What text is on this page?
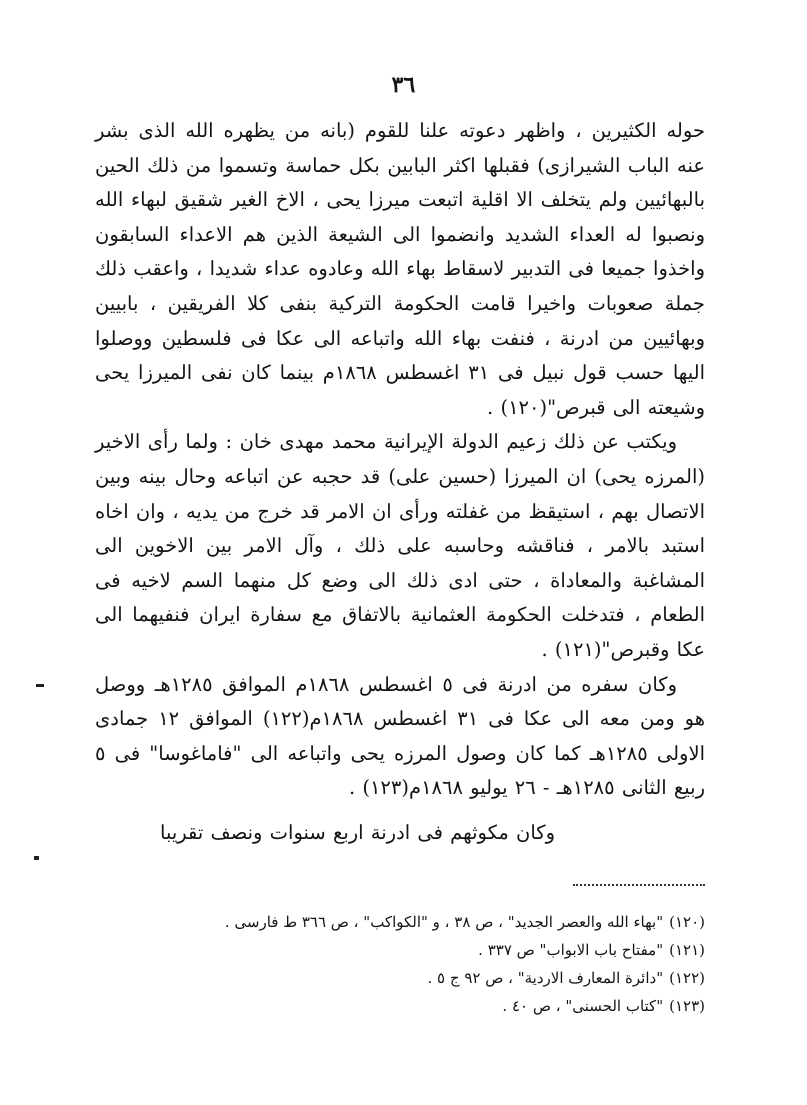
٣٦

حوله الكثيرين ، واظهر دعوته علنا للقوم (بانه من يظهره الله الذى بشر عنه الباب الشيرازى) فقبلها اكثر البابين بكل حماسة وتسموا من ذلك الحين بالبهائيين ولم يتخلف الا اقلية اتبعت ميرزا يحى ، الاخ الغير شقيق لبهاء الله ونصبوا له العداء الشديد وانضموا الى الشيعة الذين هم الاعداء السابقون واخذوا جميعا فى التدبير لاسقاط بهاء الله وعادوه عداء شديدا ، واعقب ذلك جملة صعوبات واخيرا قامت الحكومة التركية بنفى كلا الفريقين ، بابيين وبهائيين من ادرنة ، فنفت بهاء الله واتباعه الى عكا فى فلسطين ووصلوا اليها حسب قول نبيل فى ٣١ اغسطس ١٨٦٨م بينما كان نفى الميرزا يحى وشيعته الى قبرص"(١٢٠) .

ويكتب عن ذلك زعيم الدولة الإيرانية محمد مهدى خان : ولما رأى الاخير (المرزه يحى) ان الميرزا (حسين على) قد حجبه عن اتباعه وحال بينه وبين الاتصال بهم ، استيقظ من غفلته ورأى ان الامر قد خرج من يديه ، وان اخاه استبد بالامر ، فناقشه وحاسبه على ذلك ، وآل الامر بين الاخوين الى المشاغبة والمعاداة ، حتى ادى ذلك الى وضع كل منهما السم لاخيه فى الطعام ، فتدخلت الحكومة العثمانية بالاتفاق مع سفارة ايران فنفيهما الى عكا وقبرص"(١٢١) .

وكان سفره من ادرنة فى ٥ اغسطس ١٨٦٨م الموافق ١٢٨٥هـ ووصل هو ومن معه الى عكا فى ٣١ اغسطس ١٨٦٨م(١٢٢) الموافق ١٢ جمادى الاولى ١٢٨٥هـ كما كان وصول المرزه يحى واتباعه الى "فاماغوسا" فى ٥ ربيع الثانى ١٢٨٥هـ - ٢٦ يوليو ١٨٦٨م(١٢٣) .

وكان مكوثهم فى ادرنة اربع سنوات ونصف تقريبا

(١٢٠)"بهاء الله والعصر الجديد" ، ص ٣٨ ، و "الكواكب" ، ص ٣٦٦ ط فارسى .
(١٢١)"مفتاح باب الابواب" ص ٣٣٧ .
(١٢٢)"دائرة المعارف الاردية" ، ص ٩٢ ج ٥ .
(١٢٣)"كتاب الحسنى" ، ص ٤٠ .
